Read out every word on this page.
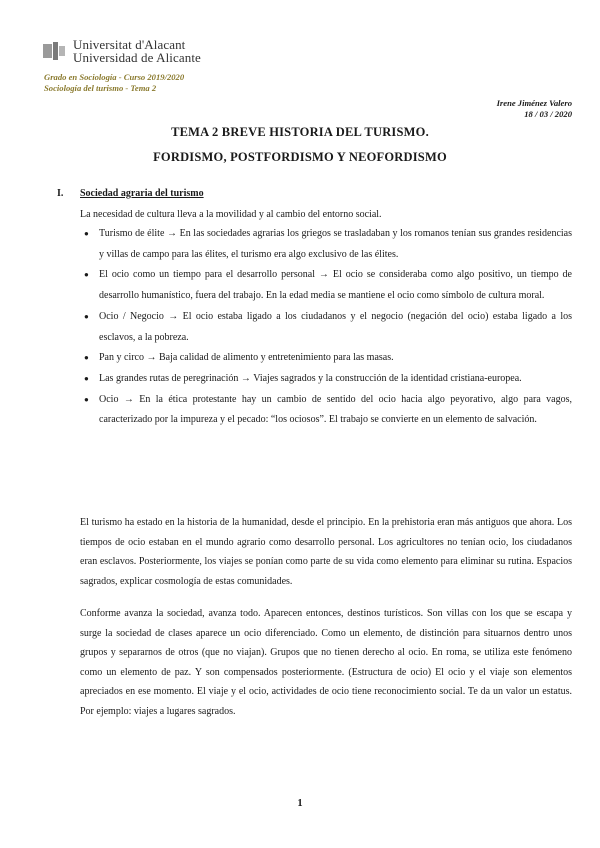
Universitat d'Alacant
Universidad de Alicante
Grado en Sociología - Curso 2019/2020
Sociología del turismo - Tema 2
Irene Jiménez Valero
18 / 03 / 2020
TEMA 2 BREVE HISTORIA DEL TURISMO.
FORDISMO, POSTFORDISMO Y NEOFORDISMO
I. Sociedad agraria del turismo
La necesidad de cultura lleva a la movilidad y al cambio del entorno social.
● Turismo de élite → En las sociedades agrarias los griegos se trasladaban y los romanos tenían sus grandes residencias y villas de campo para las élites, el turismo era algo exclusivo de las élites.
● El ocio como un tiempo para el desarrollo personal → El ocio se consideraba como algo positivo, un tiempo de desarrollo humanístico, fuera del trabajo. En la edad media se mantiene el ocio como símbolo de cultura moral.
● Ocio / Negocio → El ocio estaba ligado a los ciudadanos y el negocio (negación del ocio) estaba ligado a los esclavos, a la pobreza.
● Pan y circo → Baja calidad de alimento y entretenimiento para las masas.
● Las grandes rutas de peregrinación → Viajes sagrados y la construcción de la identidad cristiana-europea.
● Ocio → En la ética protestante hay un cambio de sentido del ocio hacia algo peyorativo, algo para vagos, caracterizado por la impureza y el pecado: “los ociosos”. El trabajo se convierte en un elemento de salvación.

El turismo ha estado en la historia de la humanidad, desde el principio. En la prehistoria eran más antiguos que ahora. Los tiempos de ocio estaban en el mundo agrario como desarrollo personal. Los agricultores no tenían ocio, los ciudadanos eran esclavos. Posteriormente, los viajes se ponían como parte de su vida como elemento para eliminar su rutina. Espacios sagrados, explicar cosmología de estas comunidades.

Conforme avanza la sociedad, avanza todo. Aparecen entonces, destinos turísticos. Son villas con los que se escapa y surge la sociedad de clases aparece un ocio diferenciado. Como un elemento, de distinción para situarnos dentro unos grupos y separarnos de otros (que no viajan). Grupos que no tienen derecho al ocio. En roma, se utiliza este fenómeno como un elemento de paz. Y son compensados posteriormente. (Estructura de ocio) El ocio y el viaje son elementos apreciados en ese momento. El viaje y el ocio, actividades de ocio tiene reconocimiento social. Te da un valor un estatus. Por ejemplo: viajes a lugares sagrados.

1
